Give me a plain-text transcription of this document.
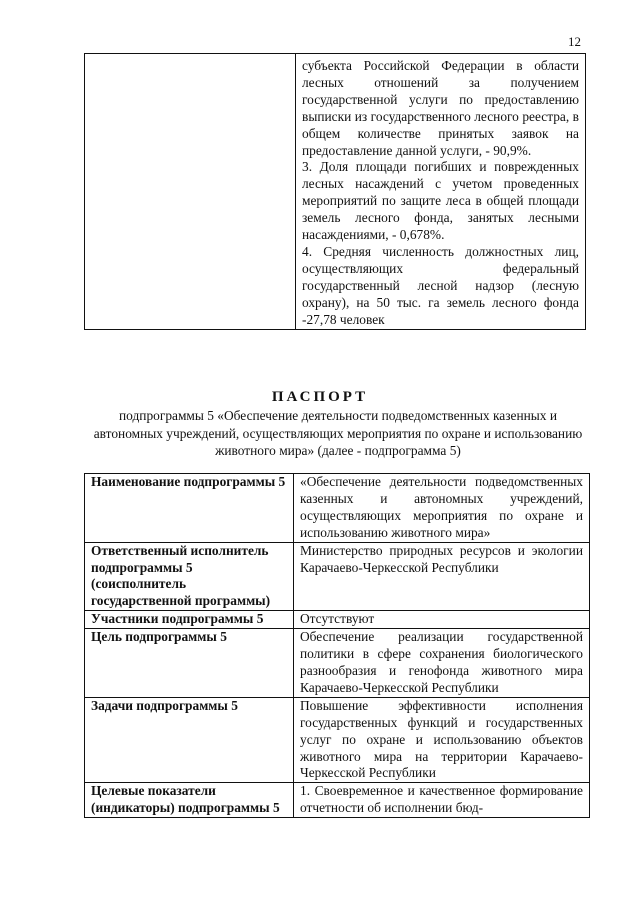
12

субъекта Российской Федерации в области лесных отношений за получением государственной услуги по предоставлению выписки из государственного лесного реестра, в общем количестве принятых заявок на предоставление данной услуги, - 90,9%.

3. Доля площади погибших и поврежденных лесных насаждений с учетом проведенных мероприятий по защите леса в общей площади земель лесного фонда, занятых лесными насаждениями, - 0,678%.

4. Средняя численность должностных лиц, осуществляющих федеральный государственный лесной надзор (лесную охрану), на 50 тыс. га земель лесного фонда -27,78 человек

ПАСПОРТ
подпрограммы 5 «Обеспечение деятельности подведомственных казенных и автономных учреждений, осуществляющих мероприятия по охране и использованию животного мира» (далее - подпрограмма 5)
Наименование подпрограммы 5	«Обеспечение деятельности подведомственных казенных и автономных учреждений, осуществляющих мероприятия по охране и использованию животного мира»
Ответственный исполнитель подпрограммы 5 (соисполнитель государственной программы)	Министерство природных ресурсов и экологии Карачаево-Черкесской Республики
Участники подпрограммы 5	Отсутствуют
Цель подпрограммы 5	Обеспечение реализации государственной политики в сфере сохранения биологического разнообразия и генофонда животного мира Карачаево-Черкесской Республики
Задачи подпрограммы 5	Повышение эффективности исполнения государственных функций и государственных услуг по охране и использованию объектов животного мира на территории Карачаево-Черкесской Республики
Целевые показатели (индикаторы) подпрограммы 5	1. Своевременное и качественное формирование отчетности об исполнении бюд-
